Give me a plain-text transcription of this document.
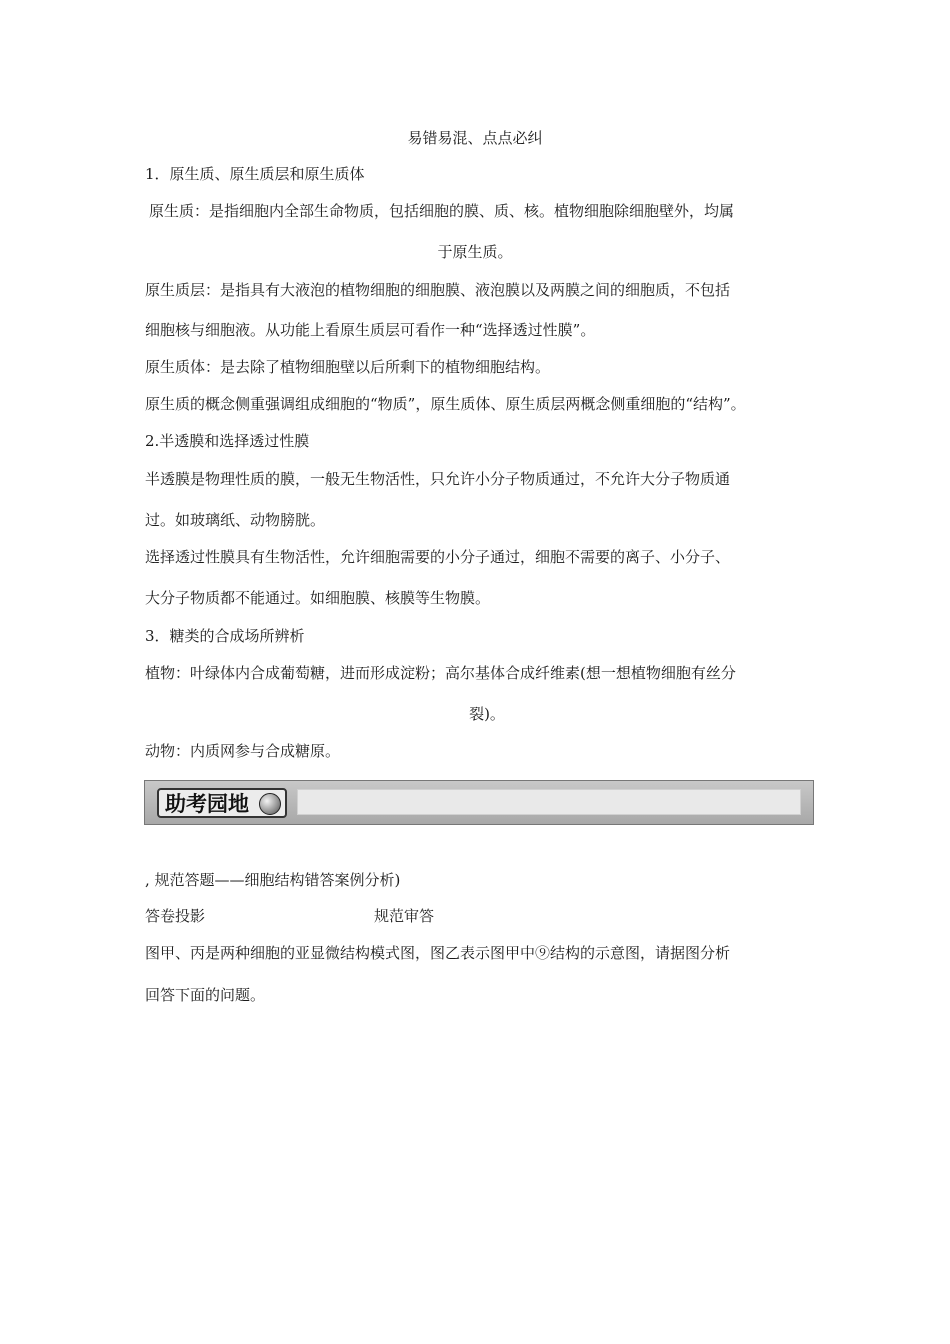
易错易混、点点必纠
1．原生质、原生质层和原生质体
原生质：是指细胞内全部生命物质，包括细胞的膜、质、核。植物细胞除细胞壁外，均属
于原生质。
原生质层：是指具有大液泡的植物细胞的细胞膜、液泡膜以及两膜之间的细胞质，不包括
细胞核与细胞液。从功能上看原生质层可看作一种“选择透过性膜”。
原生质体：是去除了植物细胞壁以后所剩下的植物细胞结构。
原生质的概念侧重强调组成细胞的“物质”，原生质体、原生质层两概念侧重细胞的“结构”。
2.半透膜和选择透过性膜
半透膜是物理性质的膜，一般无生物活性，只允许小分子物质通过，不允许大分子物质通
过。如玻璃纸、动物膀胱。
选择透过性膜具有生物活性，允许细胞需要的小分子通过，细胞不需要的离子、小分子、
大分子物质都不能通过。如细胞膜、核膜等生物膜。
3．糖类的合成场所辨析
植物：叶绿体内合成葡萄糖，进而形成淀粉；高尔基体合成纤维素(想一想植物细胞有丝分
裂)。
动物：内质网参与合成糖原。
助考园地
, 规范答题——细胞结构错答案例分析)
答卷投影	规范审答
图甲、丙是两种细胞的亚显微结构模式图，图乙表示图甲中⑨结构的示意图，请据图分析
回答下面的问题。
